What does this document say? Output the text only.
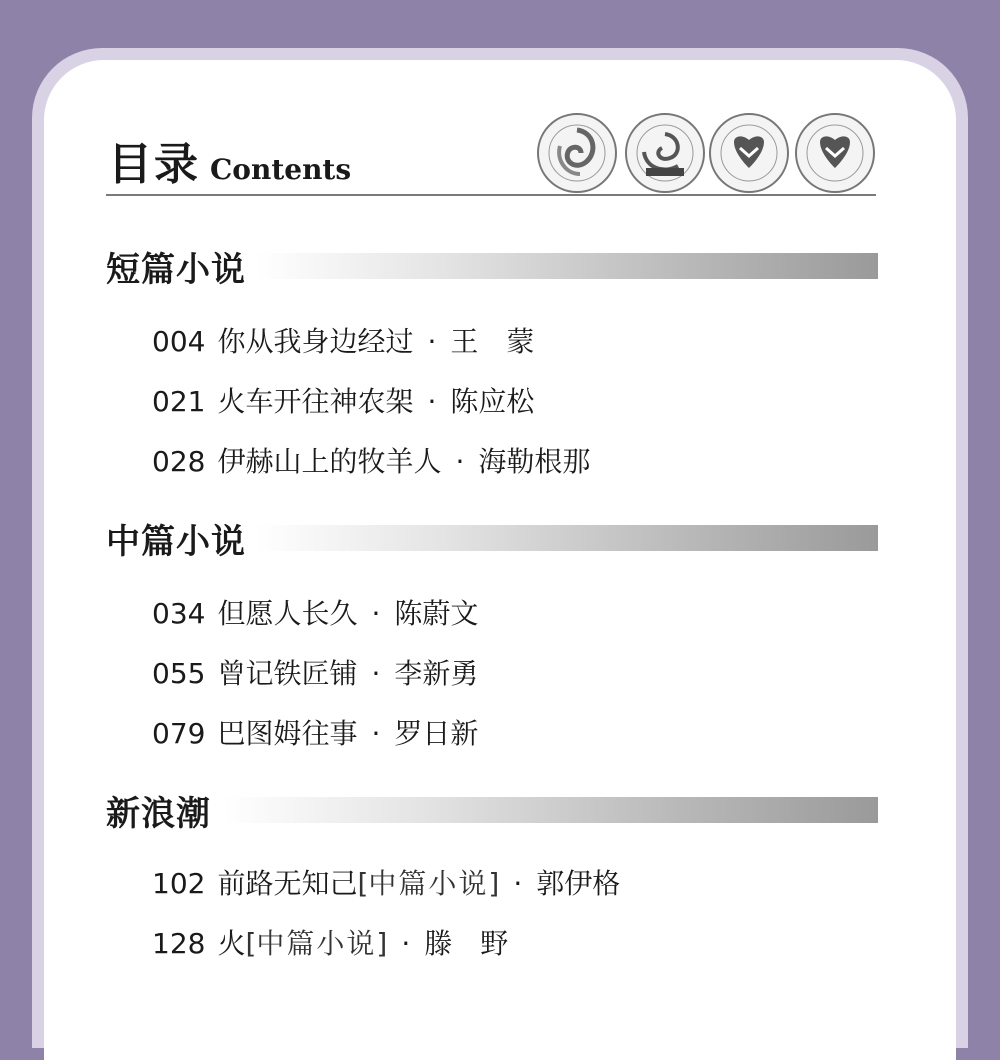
目录 Contents
短篇小说
004 你从我身边经过 · 王　蒙
021 火车开往神农架 · 陈应松
028 伊赫山上的牧羊人 · 海勒根那
中篇小说
034 但愿人长久 · 陈蔚文
055 曾记铁匠铺 · 李新勇
079 巴图姆往事 · 罗日新
新浪潮
102 前路无知己[中篇小说] · 郭伊格
128 火[中篇小说] · 滕　野
